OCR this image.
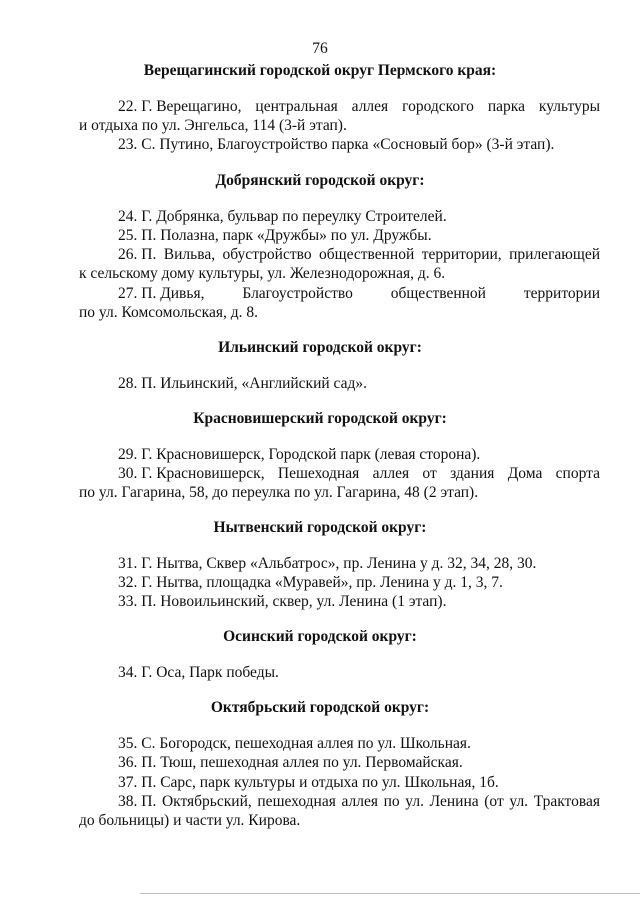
76
Верещагинский городской округ Пермского края:
22. Г. Верещагино, центральная аллея городского парка культуры
и отдыха по ул. Энгельса, 114 (3-й этап).
23. С. Путино, Благоустройство парка «Сосновый бор» (3-й этап).
Добрянский городской округ:
24. Г. Добрянка, бульвар по переулку Строителей.
25. П. Полазна, парк «Дружбы» по ул. Дружбы.
26. П. Вильва, обустройство общественной территории, прилегающей
к сельскому дому культуры, ул. Железнодорожная, д. 6.
27. П. Дивья, Благоустройство общественной территории
по ул. Комсомольская, д. 8.
Ильинский городской округ:
28. П. Ильинский, «Английский сад».
Красновишерский городской округ:
29. Г. Красновишерск, Городской парк (левая сторона).
30. Г. Красновишерск, Пешеходная аллея от здания Дома спорта
по ул. Гагарина, 58, до переулка по ул. Гагарина, 48 (2 этап).
Нытвенский городской округ:
31. Г. Нытва, Сквер «Альбатрос», пр. Ленина у д. 32, 34, 28, 30.
32. Г. Нытва, площадка «Муравей», пр. Ленина у д. 1, 3, 7.
33. П. Новоильинский, сквер, ул. Ленина (1 этап).
Осинский городской округ:
34. Г. Оса, Парк победы.
Октябрьский городской округ:
35. С. Богородск, пешеходная аллея по ул. Школьная.
36. П. Тюш, пешеходная аллея по ул. Первомайская.
37. П. Сарс, парк культуры и отдыха по ул. Школьная, 1б.
38. П. Октябрьский, пешеходная аллея по ул. Ленина (от ул. Трактовая
до больницы) и части ул. Кирова.
